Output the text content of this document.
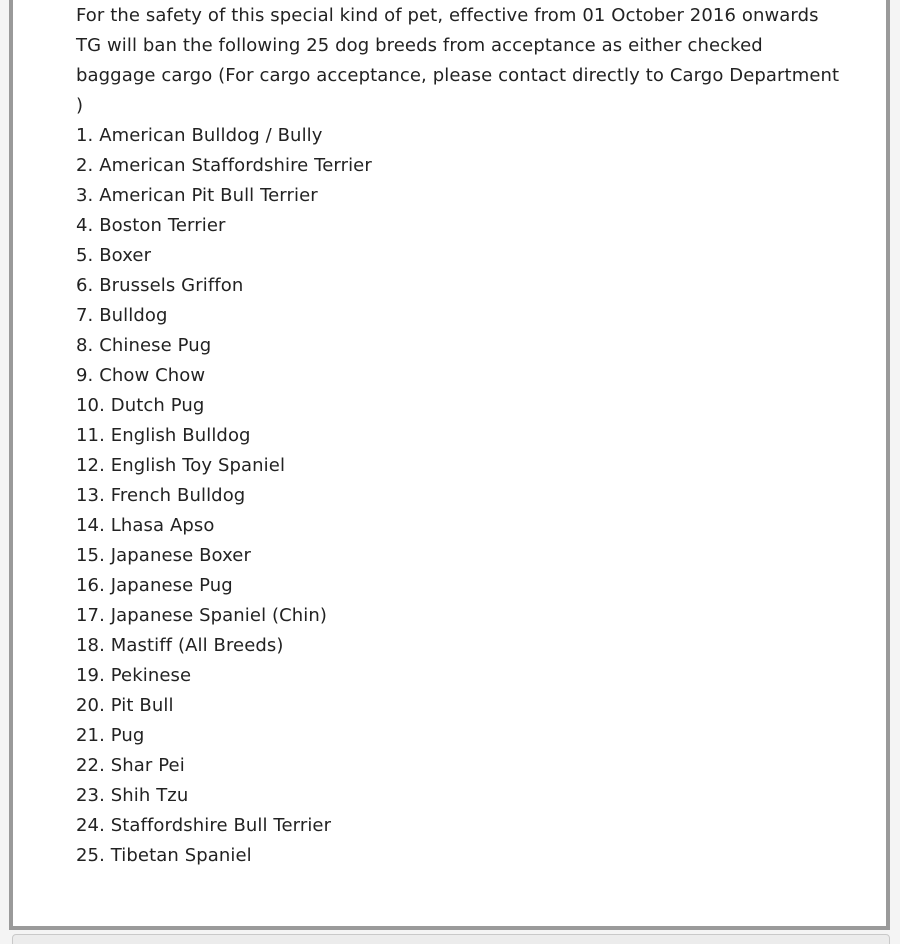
For the safety of this special kind of pet, effective from 01 October 2016 onwards TG will ban the following 25 dog breeds from acceptance as either checked baggage cargo (For cargo acceptance, please contact directly to Cargo Department )

1. American Bulldog / Bully
2. American Staffordshire Terrier
3. American Pit Bull Terrier
4. Boston Terrier
5. Boxer
6. Brussels Griffon
7. Bulldog
8. Chinese Pug
9. Chow Chow
10. Dutch Pug
11. English Bulldog
12. English Toy Spaniel
13. French Bulldog
14. Lhasa Apso
15. Japanese Boxer
16. Japanese Pug
17. Japanese Spaniel (Chin)
18. Mastiff (All Breeds)
19. Pekinese
20. Pit Bull
21. Pug
22. Shar Pei
23. Shih Tzu
24. Staffordshire Bull Terrier
25. Tibetan Spaniel
